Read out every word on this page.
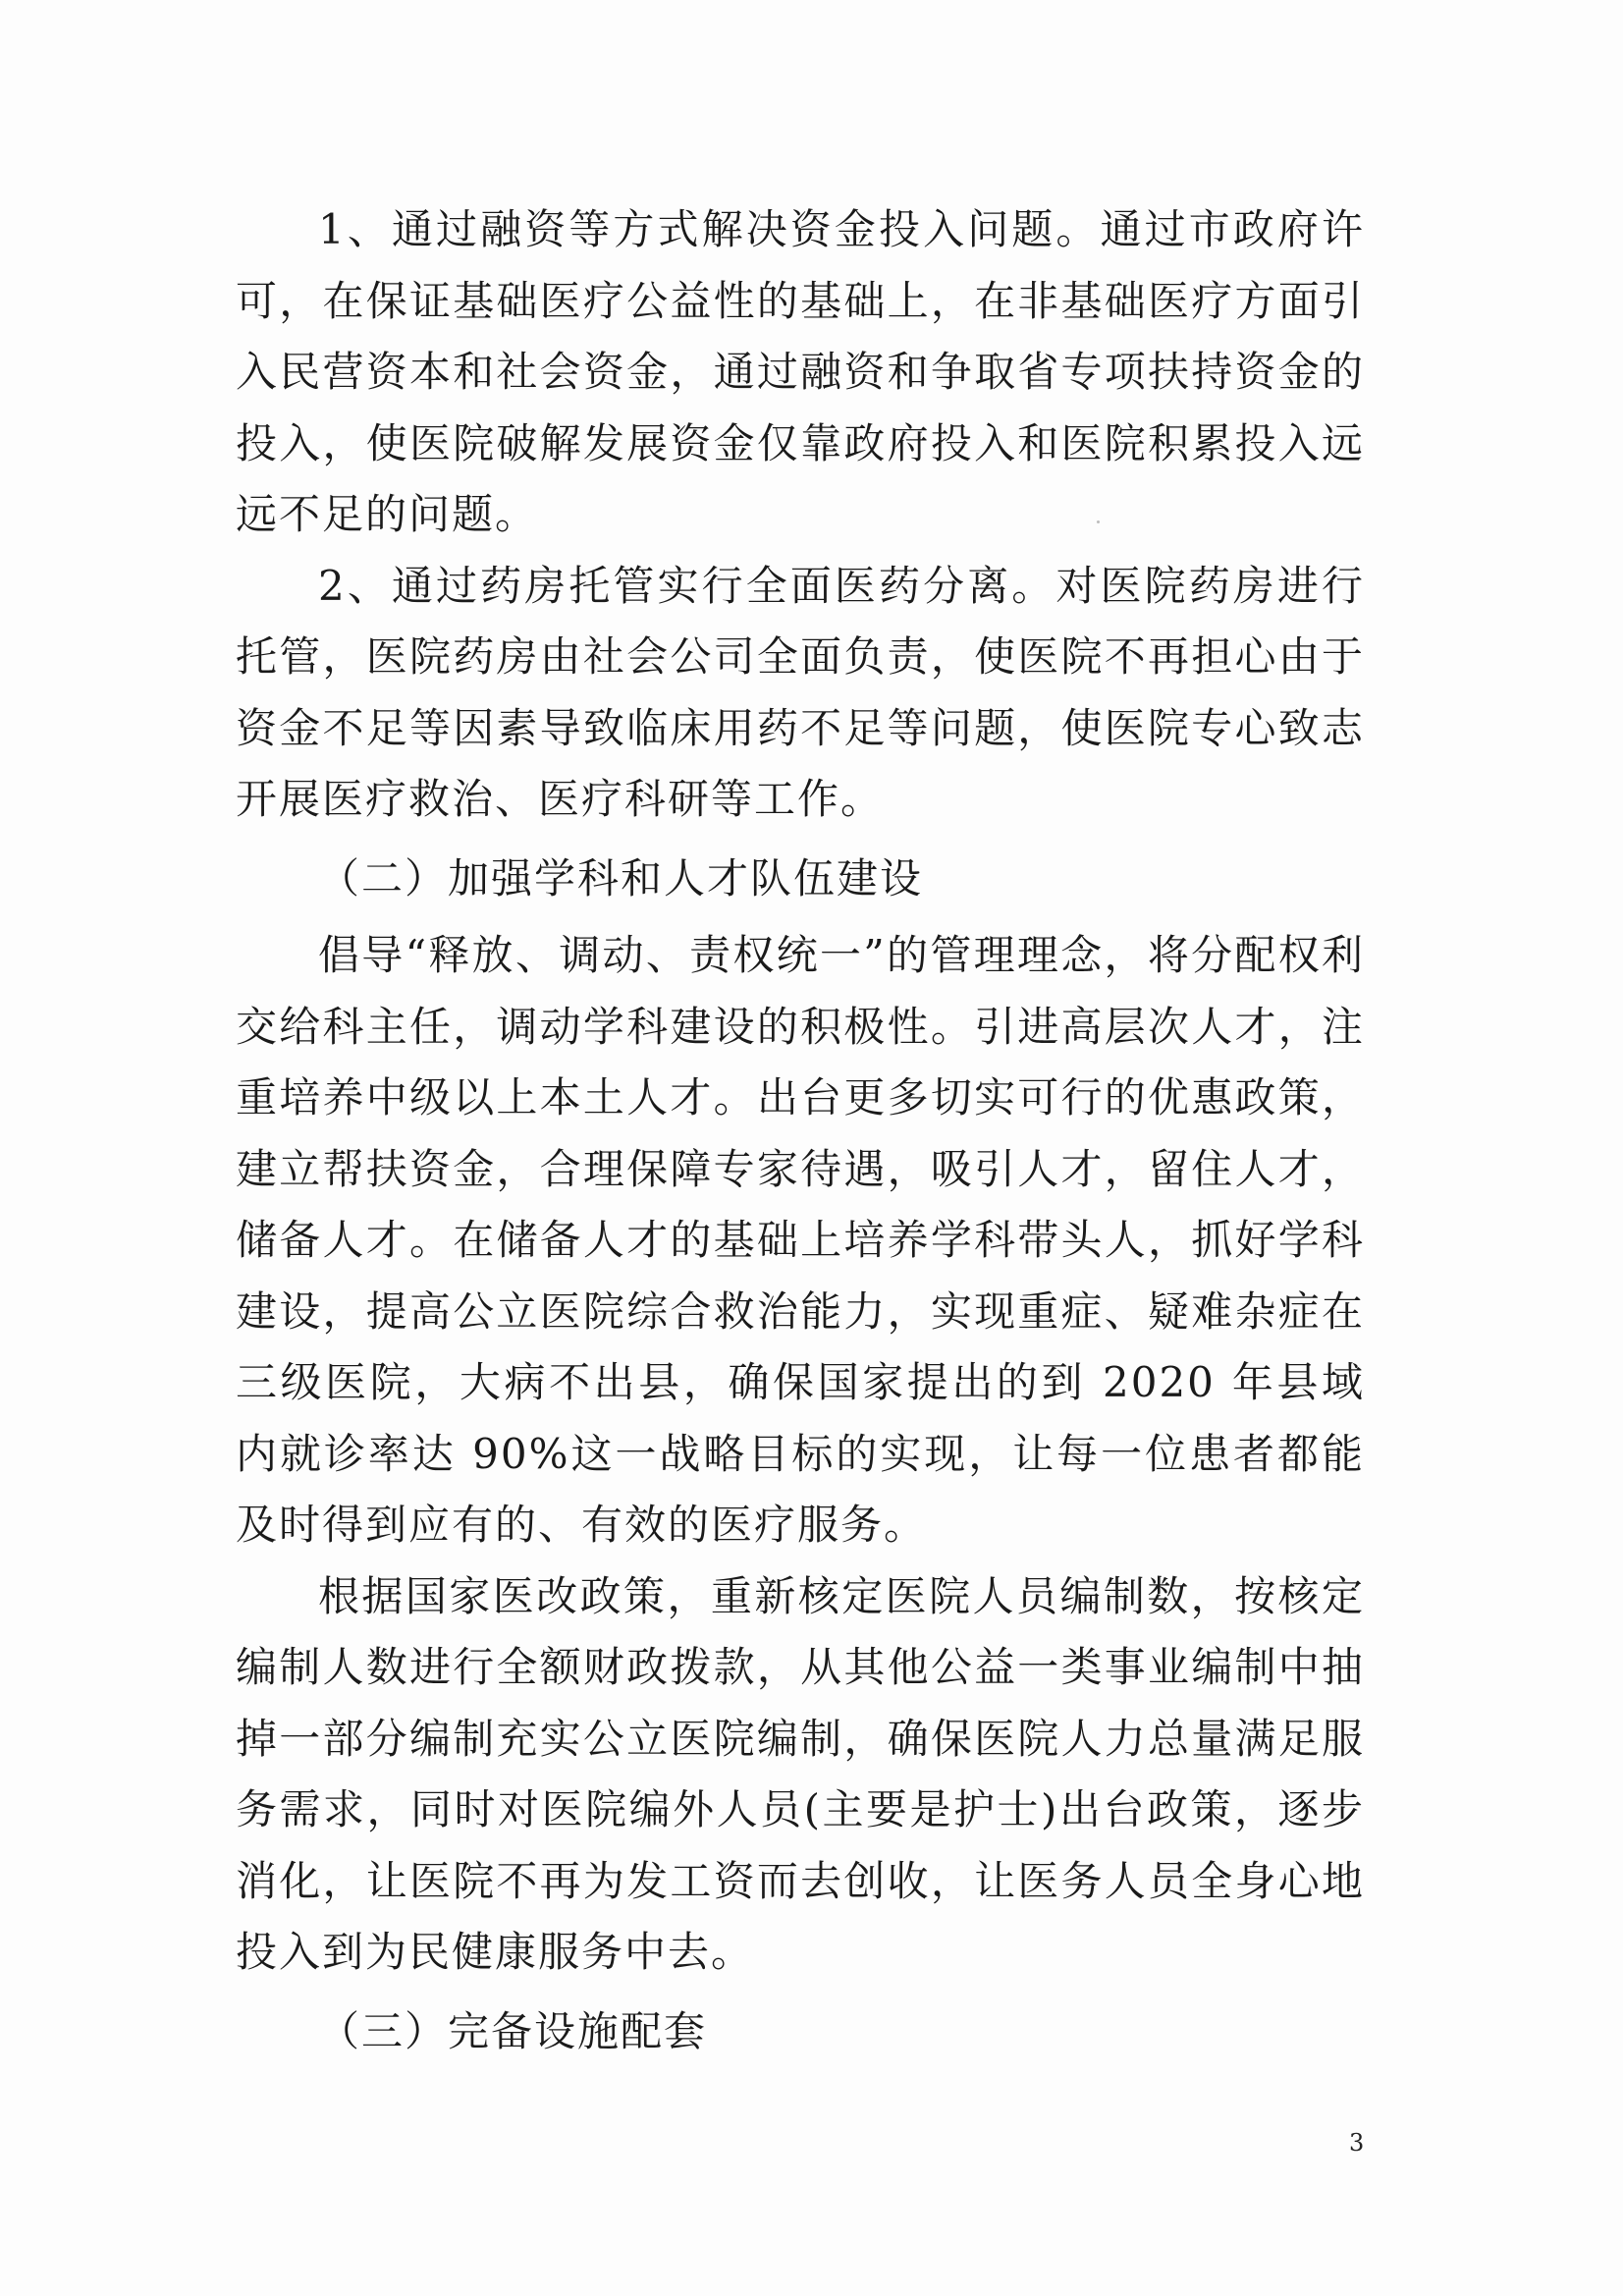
1、通过融资等方式解决资金投入问题。通过市政府许可，在保证基础医疗公益性的基础上，在非基础医疗方面引入民营资本和社会资金，通过融资和争取省专项扶持资金的投入，使医院破解发展资金仅靠政府投入和医院积累投入远远不足的问题。

2、通过药房托管实行全面医药分离。对医院药房进行托管，医院药房由社会公司全面负责，使医院不再担心由于资金不足等因素导致临床用药不足等问题，使医院专心致志开展医疗救治、医疗科研等工作。

（二）加强学科和人才队伍建设

倡导“释放、调动、责权统一”的管理理念，将分配权利交给科主任，调动学科建设的积极性。引进高层次人才，注重培养中级以上本土人才。出台更多切实可行的优惠政策，建立帮扶资金，合理保障专家待遇，吸引人才，留住人才，储备人才。在储备人才的基础上培养学科带头人，抓好学科建设，提高公立医院综合救治能力，实现重症、疑难杂症在三级医院，大病不出县，确保国家提出的到 2020 年县域内就诊率达 90%这一战略目标的实现，让每一位患者都能及时得到应有的、有效的医疗服务。

根据国家医改政策，重新核定医院人员编制数，按核定编制人数进行全额财政拨款，从其他公益一类事业编制中抽掉一部分编制充实公立医院编制，确保医院人力总量满足服务需求，同时对医院编外人员(主要是护士)出台政策，逐步消化，让医院不再为发工资而去创收，让医务人员全身心地投入到为民健康服务中去。

（三）完备设施配套

3
